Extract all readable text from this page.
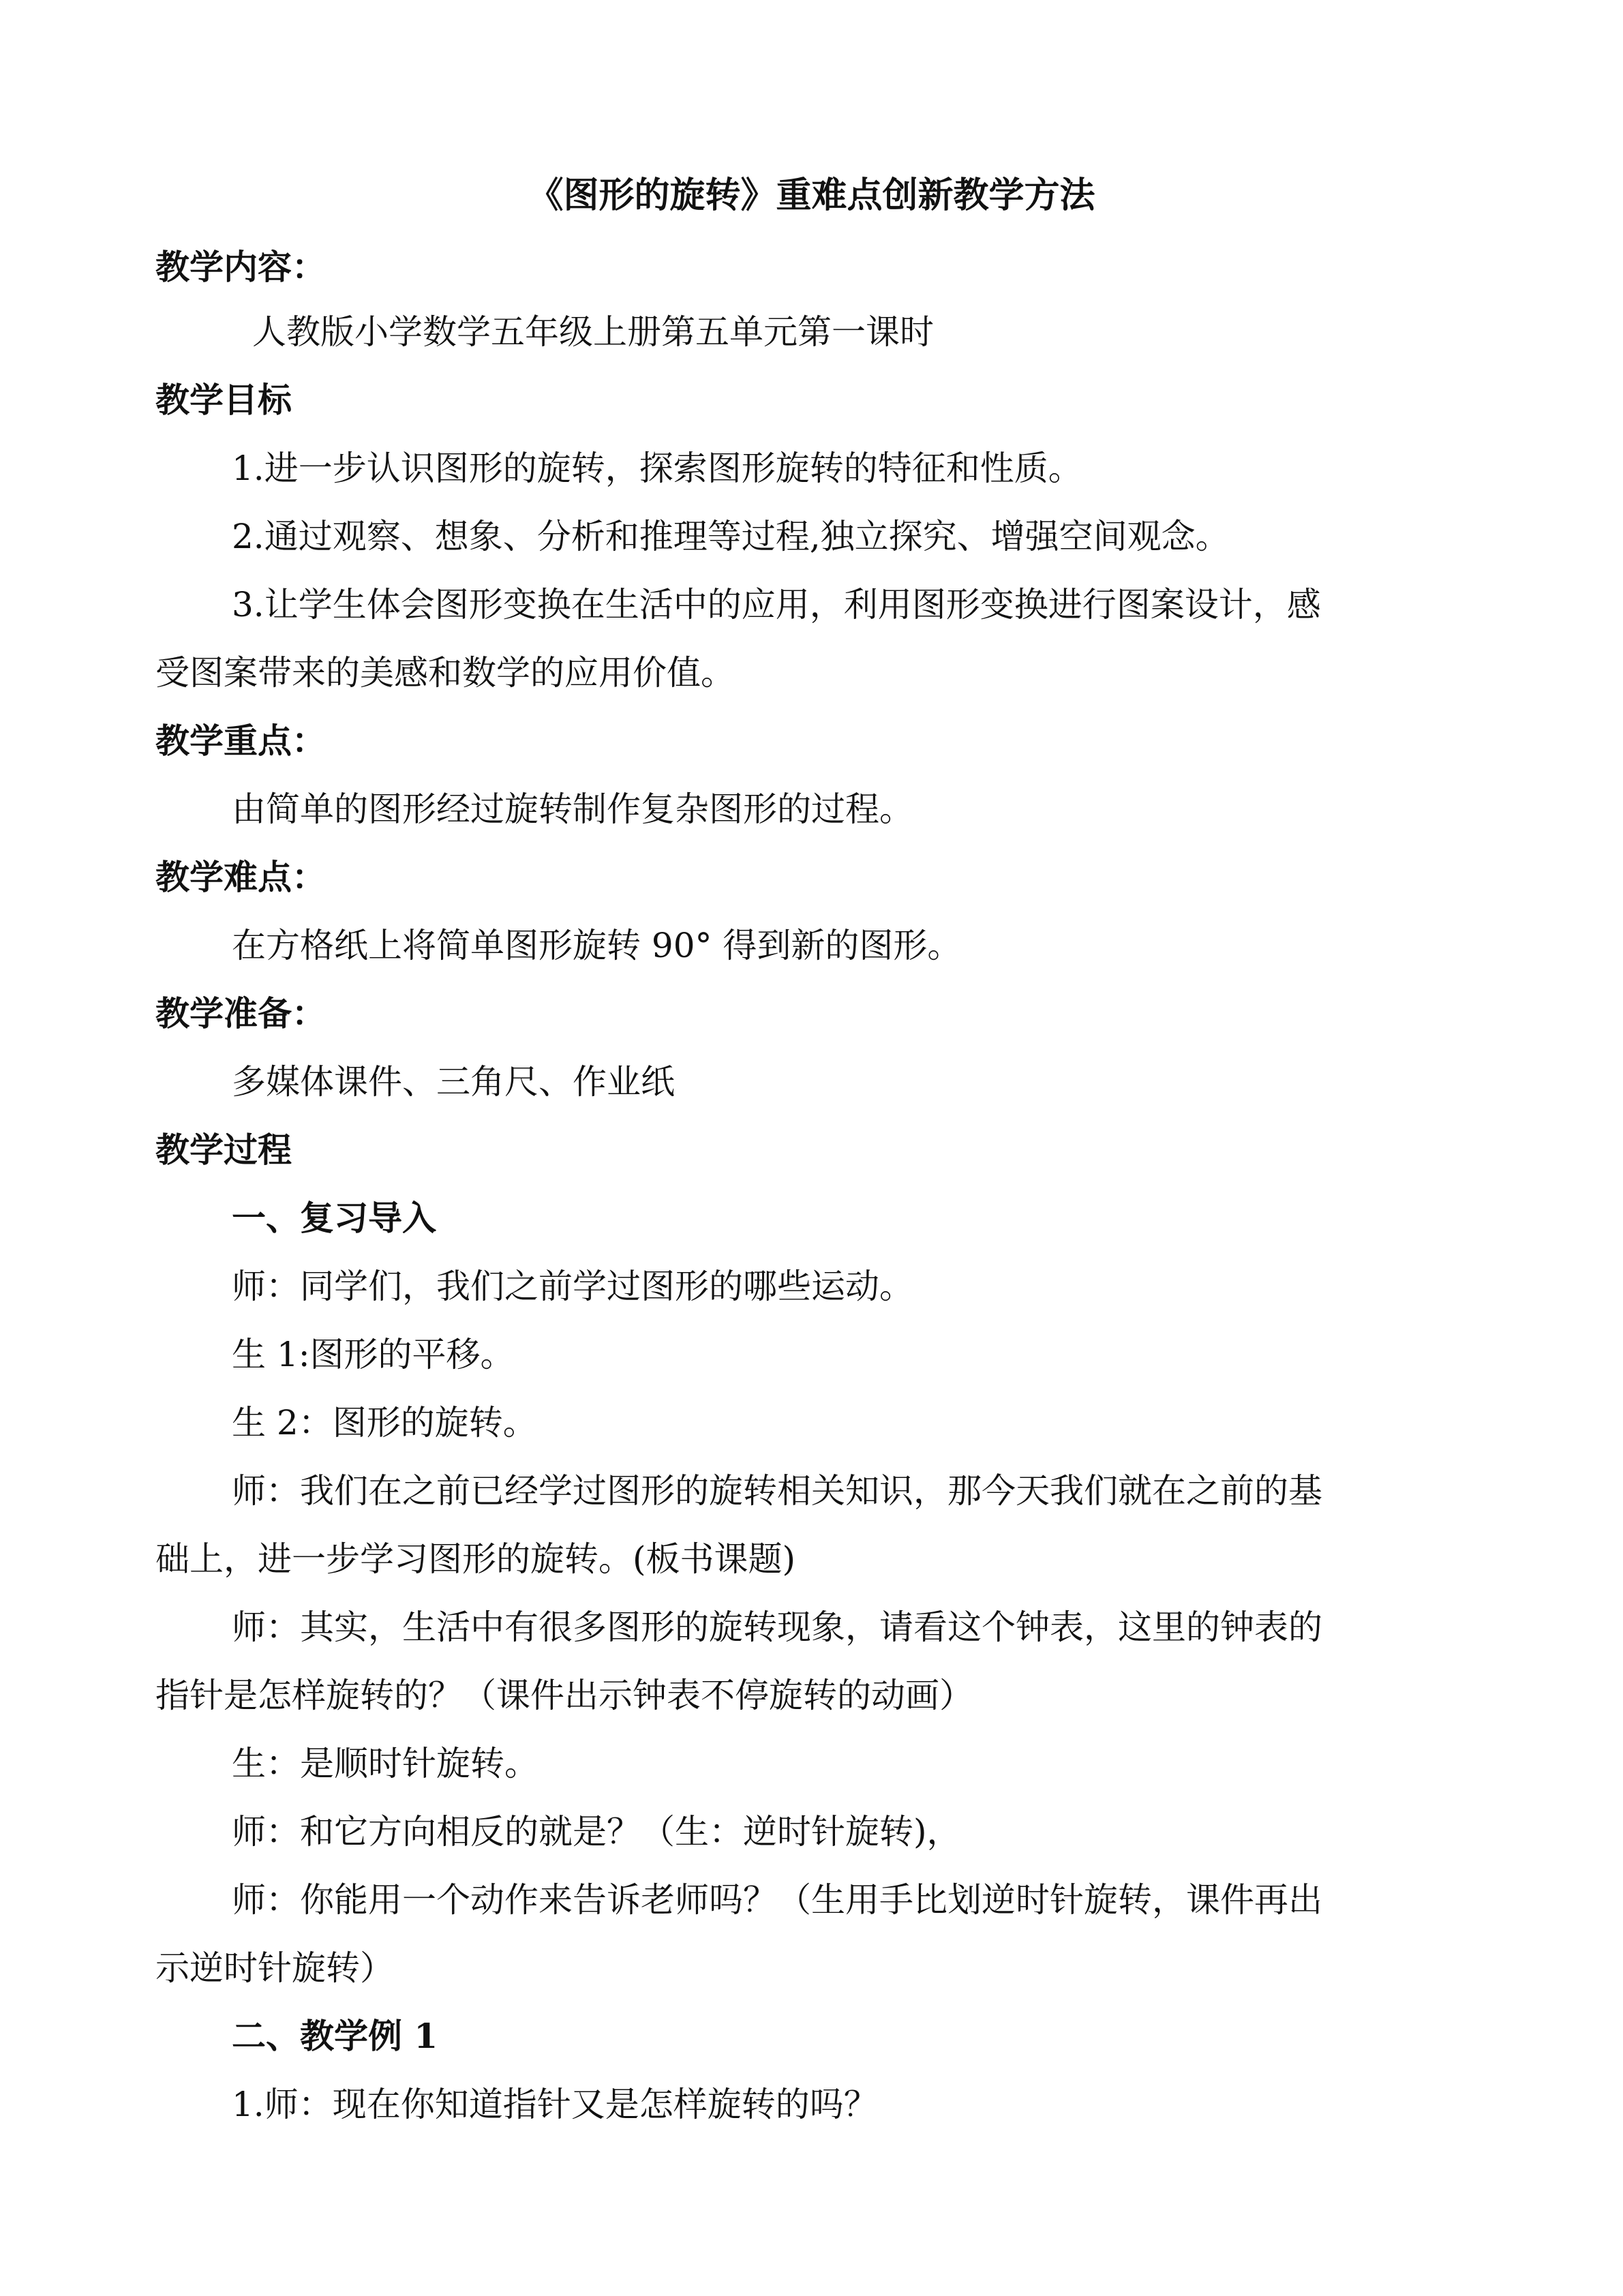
《图形的旋转》重难点创新教学方法
教学内容：
人教版小学数学五年级上册第五单元第一课时
教学目标
1.进一步认识图形的旋转，探索图形旋转的特征和性质。
2.通过观察、想象、分析和推理等过程,独立探究、增强空间观念。
3.让学生体会图形变换在生活中的应用，利用图形变换进行图案设计，感
受图案带来的美感和数学的应用价值。
教学重点：
由简单的图形经过旋转制作复杂图形的过程。
教学难点：
在方格纸上将简单图形旋转 90° 得到新的图形。
教学准备：
多媒体课件、三角尺、作业纸
教学过程
一、复习导入
师：同学们，我们之前学过图形的哪些运动。
生 1:图形的平移。
生 2：图形的旋转。
师：我们在之前已经学过图形的旋转相关知识，那今天我们就在之前的基
础上，进一步学习图形的旋转。(板书课题)
师：其实，生活中有很多图形的旋转现象，请看这个钟表，这里的钟表的
指针是怎样旋转的？（课件出示钟表不停旋转的动画）
生：是顺时针旋转。
师：和它方向相反的就是？（生：逆时针旋转)，
师：你能用一个动作来告诉老师吗？（生用手比划逆时针旋转，课件再出
示逆时针旋转）
二、教学例 1
1.师：现在你知道指针又是怎样旋转的吗？
